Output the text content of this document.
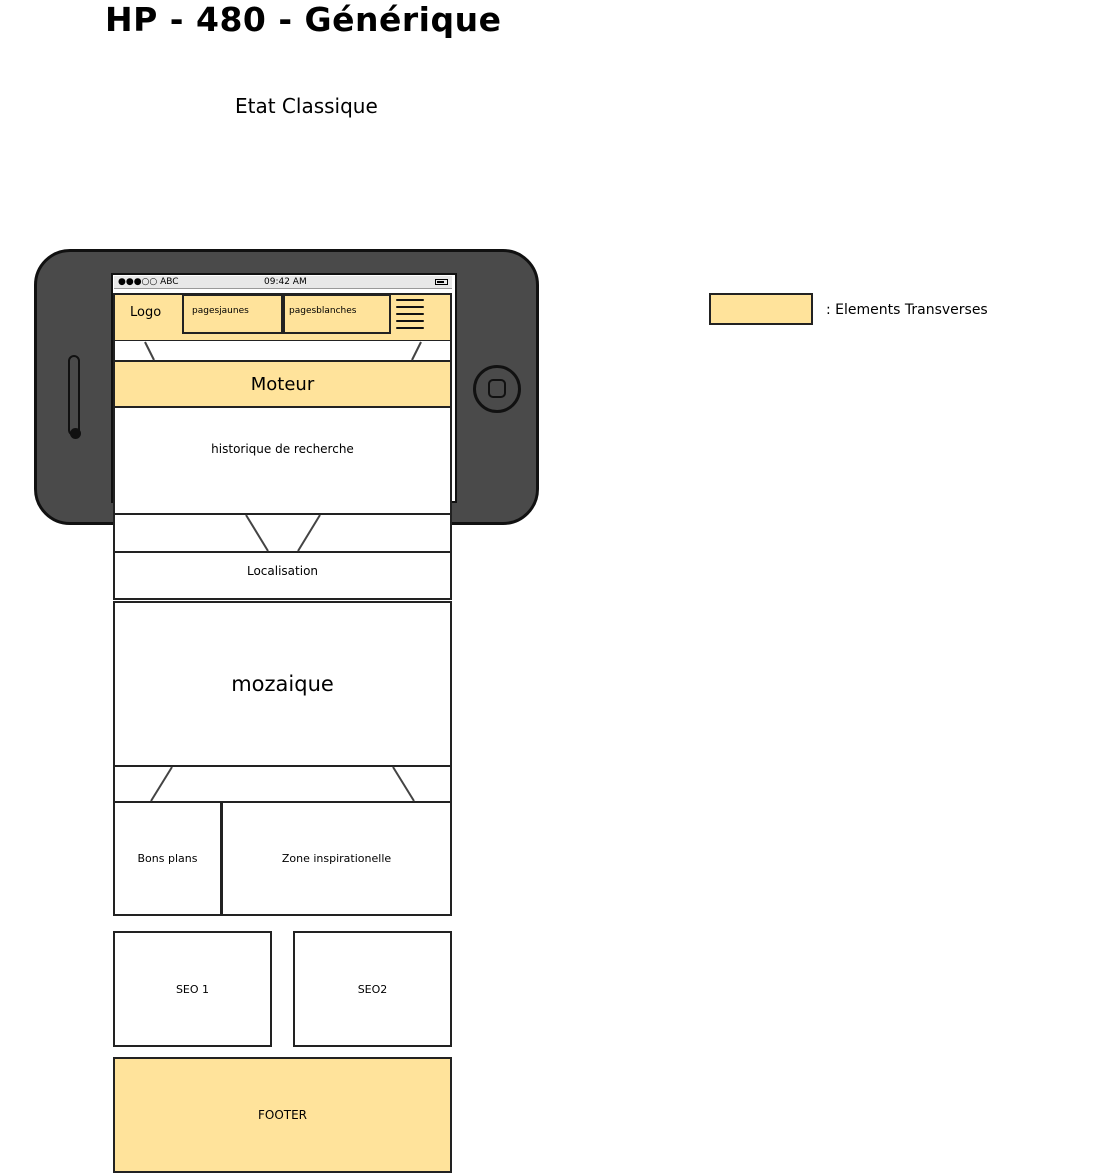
HP - 480 - Générique
Etat Classique
●●●○○ ABC	09:42 AM
Logo	pagesjaunes	pagesblanches
Moteur
historique de recherche
Localisation
mozaique
Bons plans	Zone inspirationelle
SEO 1	SEO2
FOOTER
: Elements Transverses
